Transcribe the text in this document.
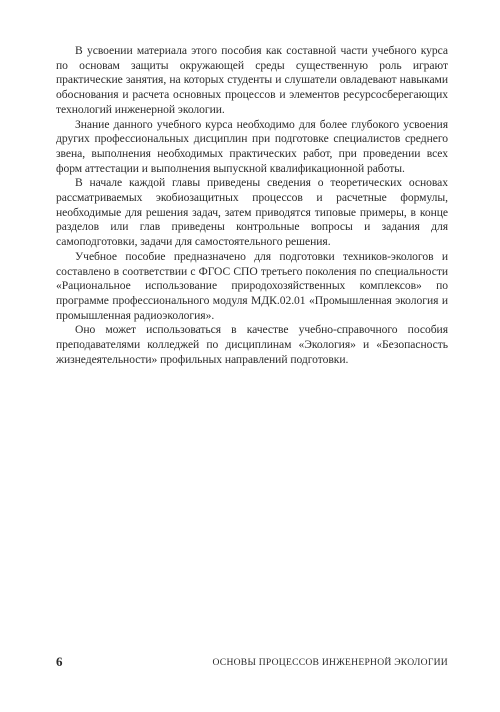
В усвоении материала этого пособия как составной части учебного курса по основам защиты окружающей среды существенную роль играют практические занятия, на которых студенты и слушатели овладевают навыками обоснования и расчета основных процессов и элементов ресурсосберегающих технологий инженерной экологии.

Знание данного учебного курса необходимо для более глубокого усвоения других профессиональных дисциплин при подготовке специалистов среднего звена, выполнения необходимых практических работ, при проведении всех форм аттестации и выполнения выпускной квалификационной работы.

В начале каждой главы приведены сведения о теоретических основах рассматриваемых экобиозащитных процессов и расчетные формулы, необходимые для решения задач, затем приводятся типовые примеры, в конце разделов или глав приведены контрольные вопросы и задания для самоподготовки, задачи для самостоятельного решения.

Учебное пособие предназначено для подготовки техников-экологов и составлено в соответствии с ФГОС СПО третьего поколения по специальности «Рациональное использование природохозяйственных комплексов» по программе профессионального модуля МДК.02.01 «Промышленная экология и промышленная радиоэкология».

Оно может использоваться в качестве учебно-справочного пособия преподавателями колледжей по дисциплинам «Экология» и «Безопасность жизнедеятельности» профильных направлений подготовки.

6	ОСНОВЫ ПРОЦЕССОВ ИНЖЕНЕРНОЙ ЭКОЛОГИИ
